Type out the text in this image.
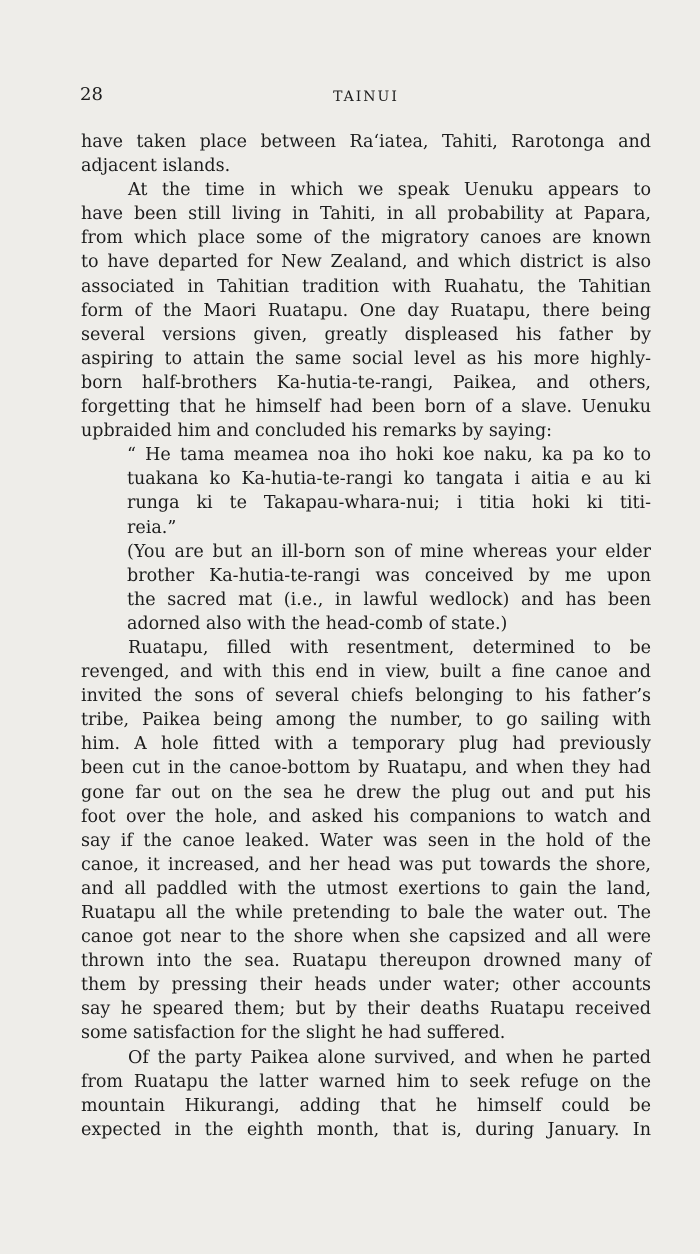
28	TAINUI
have taken place between Raʻiatea, Tahiti, Rarotonga and
adjacent islands.
At the time in which we speak Uenuku appears to
have been still living in Tahiti, in all probability at Papara,
from which place some of the migratory canoes are known
to have departed for New Zealand, and which district is also
associated in Tahitian tradition with Ruahatu, the Tahitian
form of the Maori Ruatapu. One day Ruatapu, there being
several versions given, greatly displeased his father by
aspiring to attain the same social level as his more highly-
born half-brothers Ka-hutia-te-rangi, Paikea, and others,
forgetting that he himself had been born of a slave. Uenuku
upbraided him and concluded his remarks by saying:
“ He tama meamea noa iho hoki koe naku, ka pa ko to
tuakana ko Ka-hutia-te-rangi ko tangata i aitia e au ki
runga ki te Takapau-whara-nui; i titia hoki ki titi-
reia.”
(You are but an ill-born son of mine whereas your elder
brother Ka-hutia-te-rangi was conceived by me upon
the sacred mat (i.e., in lawful wedlock) and has been
adorned also with the head-comb of state.)
Ruatapu, filled with resentment, determined to be
revenged, and with this end in view, built a fine canoe and
invited the sons of several chiefs belonging to his father’s
tribe, Paikea being among the number, to go sailing with
him. A hole fitted with a temporary plug had previously
been cut in the canoe-bottom by Ruatapu, and when they had
gone far out on the sea he drew the plug out and put his
foot over the hole, and asked his companions to watch and
say if the canoe leaked. Water was seen in the hold of the
canoe, it increased, and her head was put towards the shore,
and all paddled with the utmost exertions to gain the land,
Ruatapu all the while pretending to bale the water out. The
canoe got near to the shore when she capsized and all were
thrown into the sea. Ruatapu thereupon drowned many of
them by pressing their heads under water; other accounts
say he speared them; but by their deaths Ruatapu received
some satisfaction for the slight he had suffered.
Of the party Paikea alone survived, and when he parted
from Ruatapu the latter warned him to seek refuge on the
mountain Hikurangi, adding that he himself could be
expected in the eighth month, that is, during January. In
